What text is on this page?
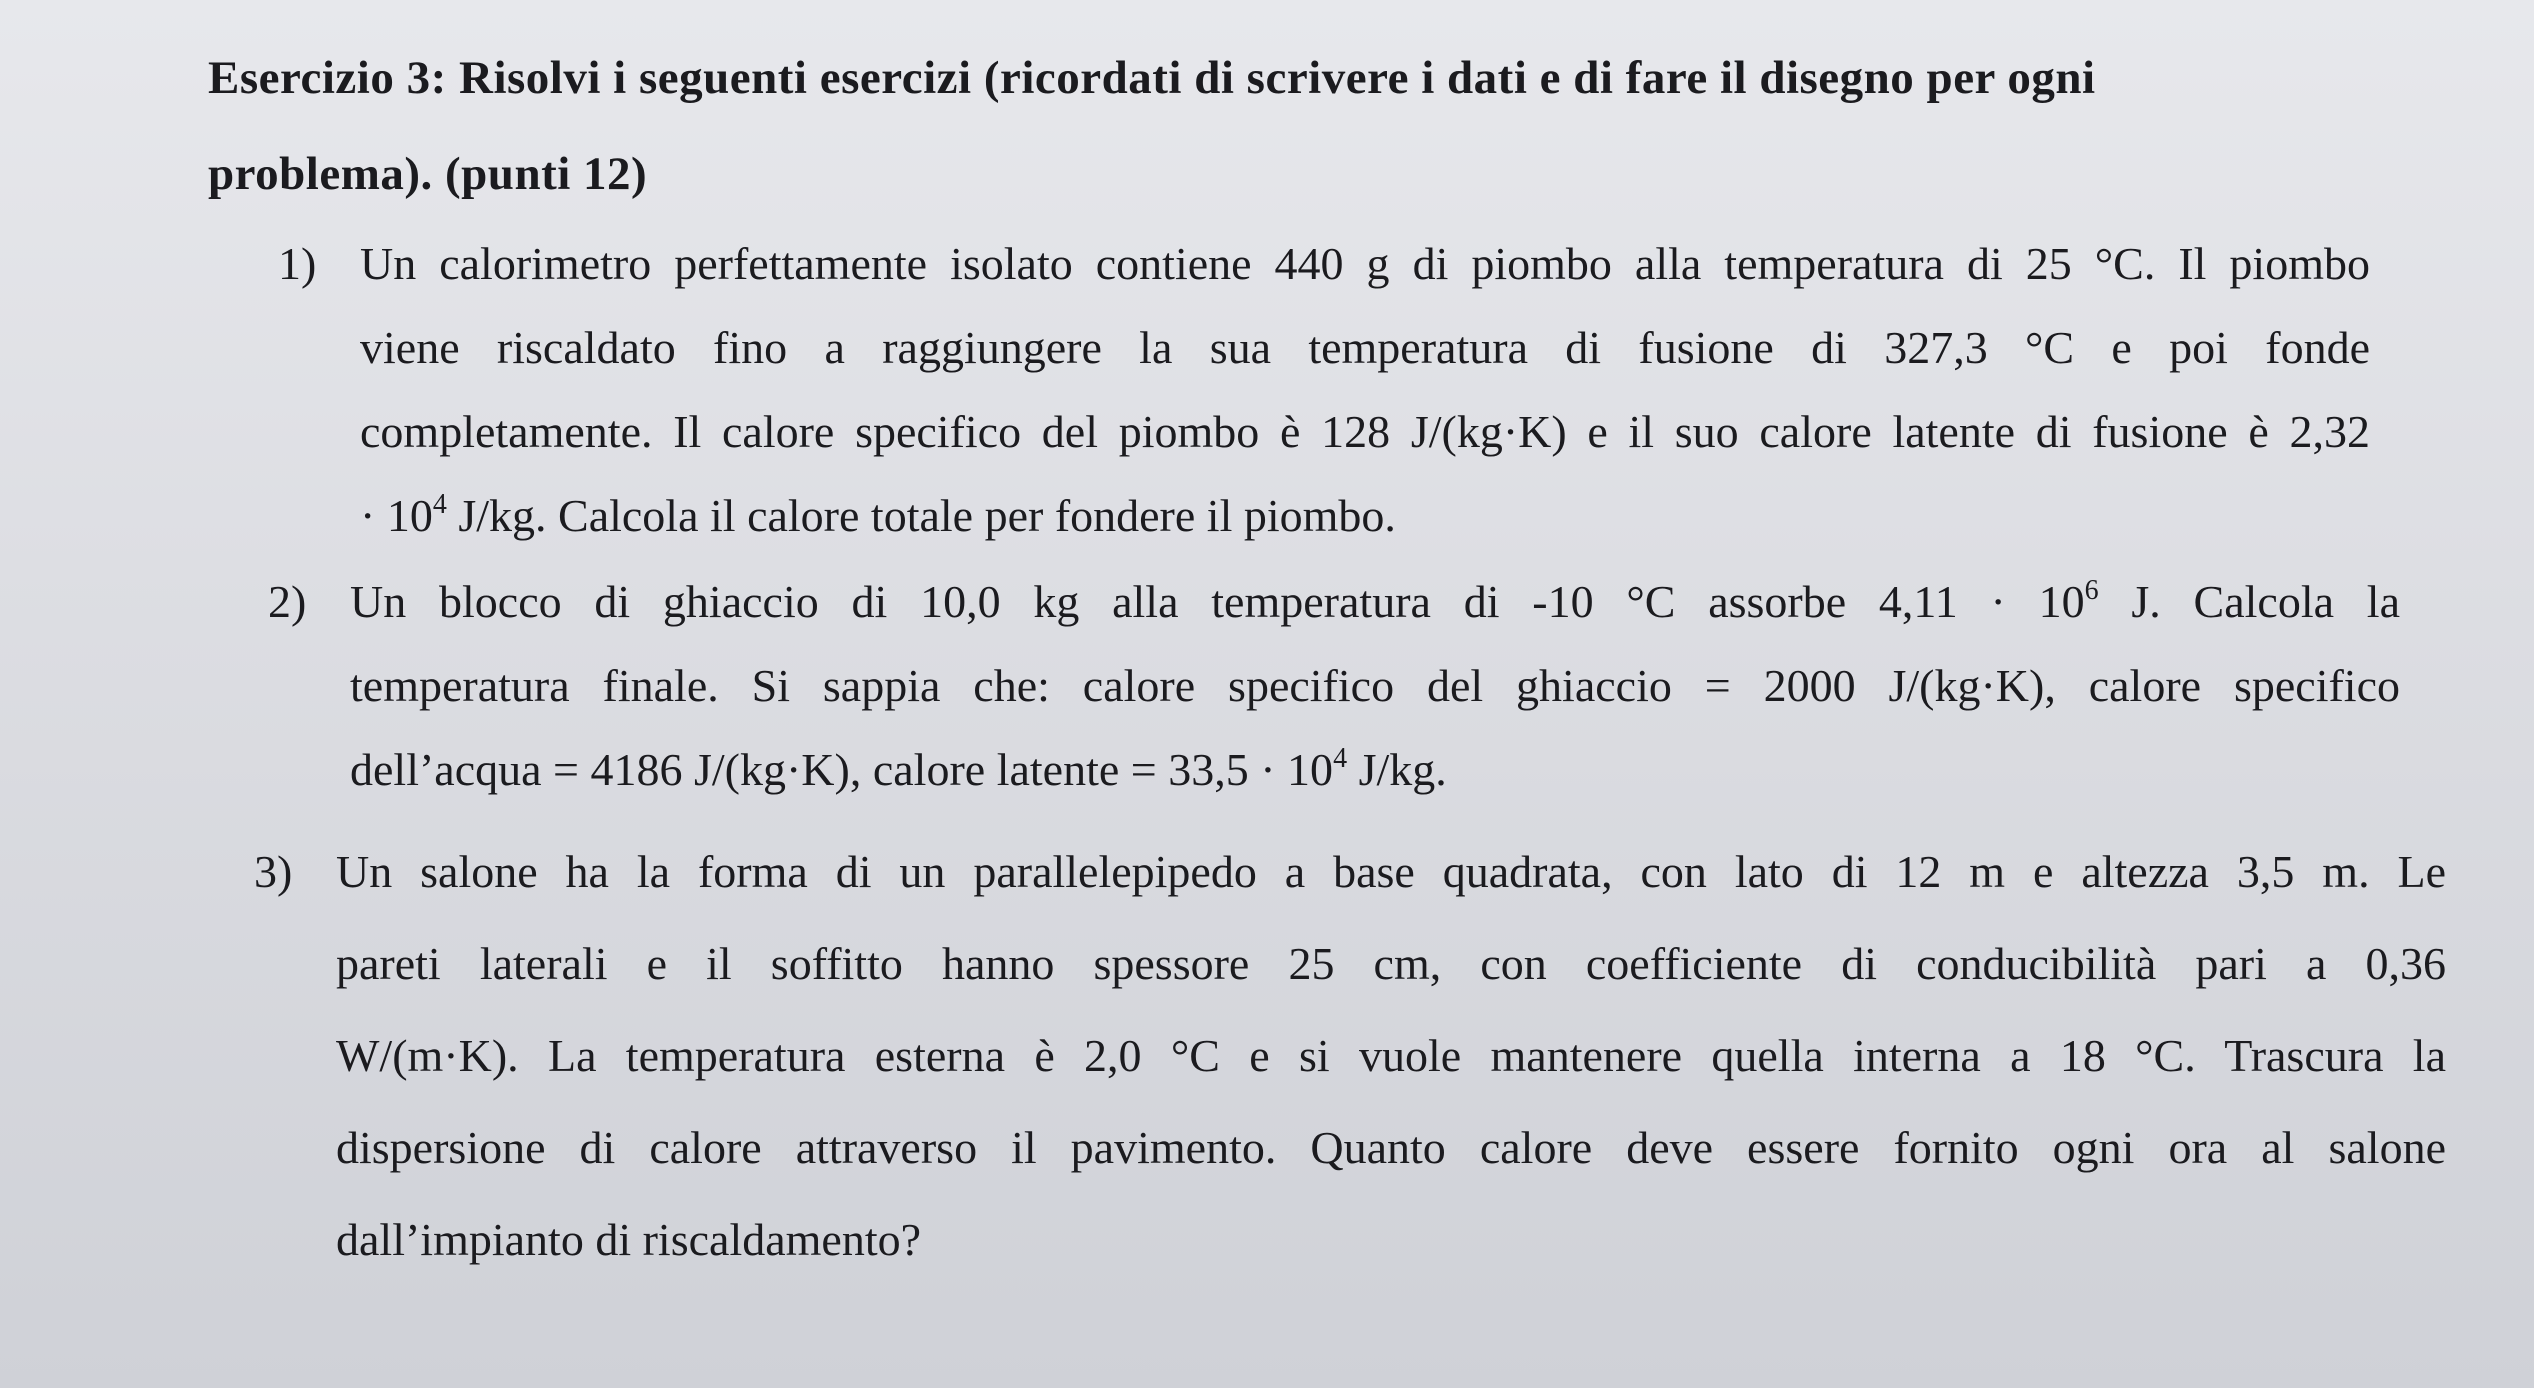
Esercizio 3: Risolvi i seguenti esercizi (ricordati di scrivere i dati e di fare il disegno per ogni
problema). (punti 12)
1) Un calorimetro perfettamente isolato contiene 440 g di piombo alla temperatura di 25 °C. Il piombo
viene riscaldato fino a raggiungere la sua temperatura di fusione di 327,3 °C e poi fonde
completamente. Il calore specifico del piombo è 128 J/(kg·K) e il suo calore latente di fusione è 2,32
· $10^4$ J/kg. Calcola il calore totale per fondere il piombo.
2) Un blocco di ghiaccio di 10,0 kg alla temperatura di -10 °C assorbe $4,11 \cdot 10^6$ J. Calcola la
temperatura finale. Si sappia che: calore specifico del ghiaccio = 2000 J/(kg·K), calore specifico
dell’acqua = 4186 J/(kg·K), calore latente = $33,5 \cdot 10^4$ J/kg.
3) Un salone ha la forma di un parallelepipedo a base quadrata, con lato di 12 m e altezza 3,5 m. Le
pareti laterali e il soffitto hanno spessore 25 cm, con coefficiente di conducibilità pari a 0,36
W/(m·K). La temperatura esterna è 2,0 °C e si vuole mantenere quella interna a 18 °C. Trascura la
dispersione di calore attraverso il pavimento. Quanto calore deve essere fornito ogni ora al salone
dall’impianto di riscaldamento?
